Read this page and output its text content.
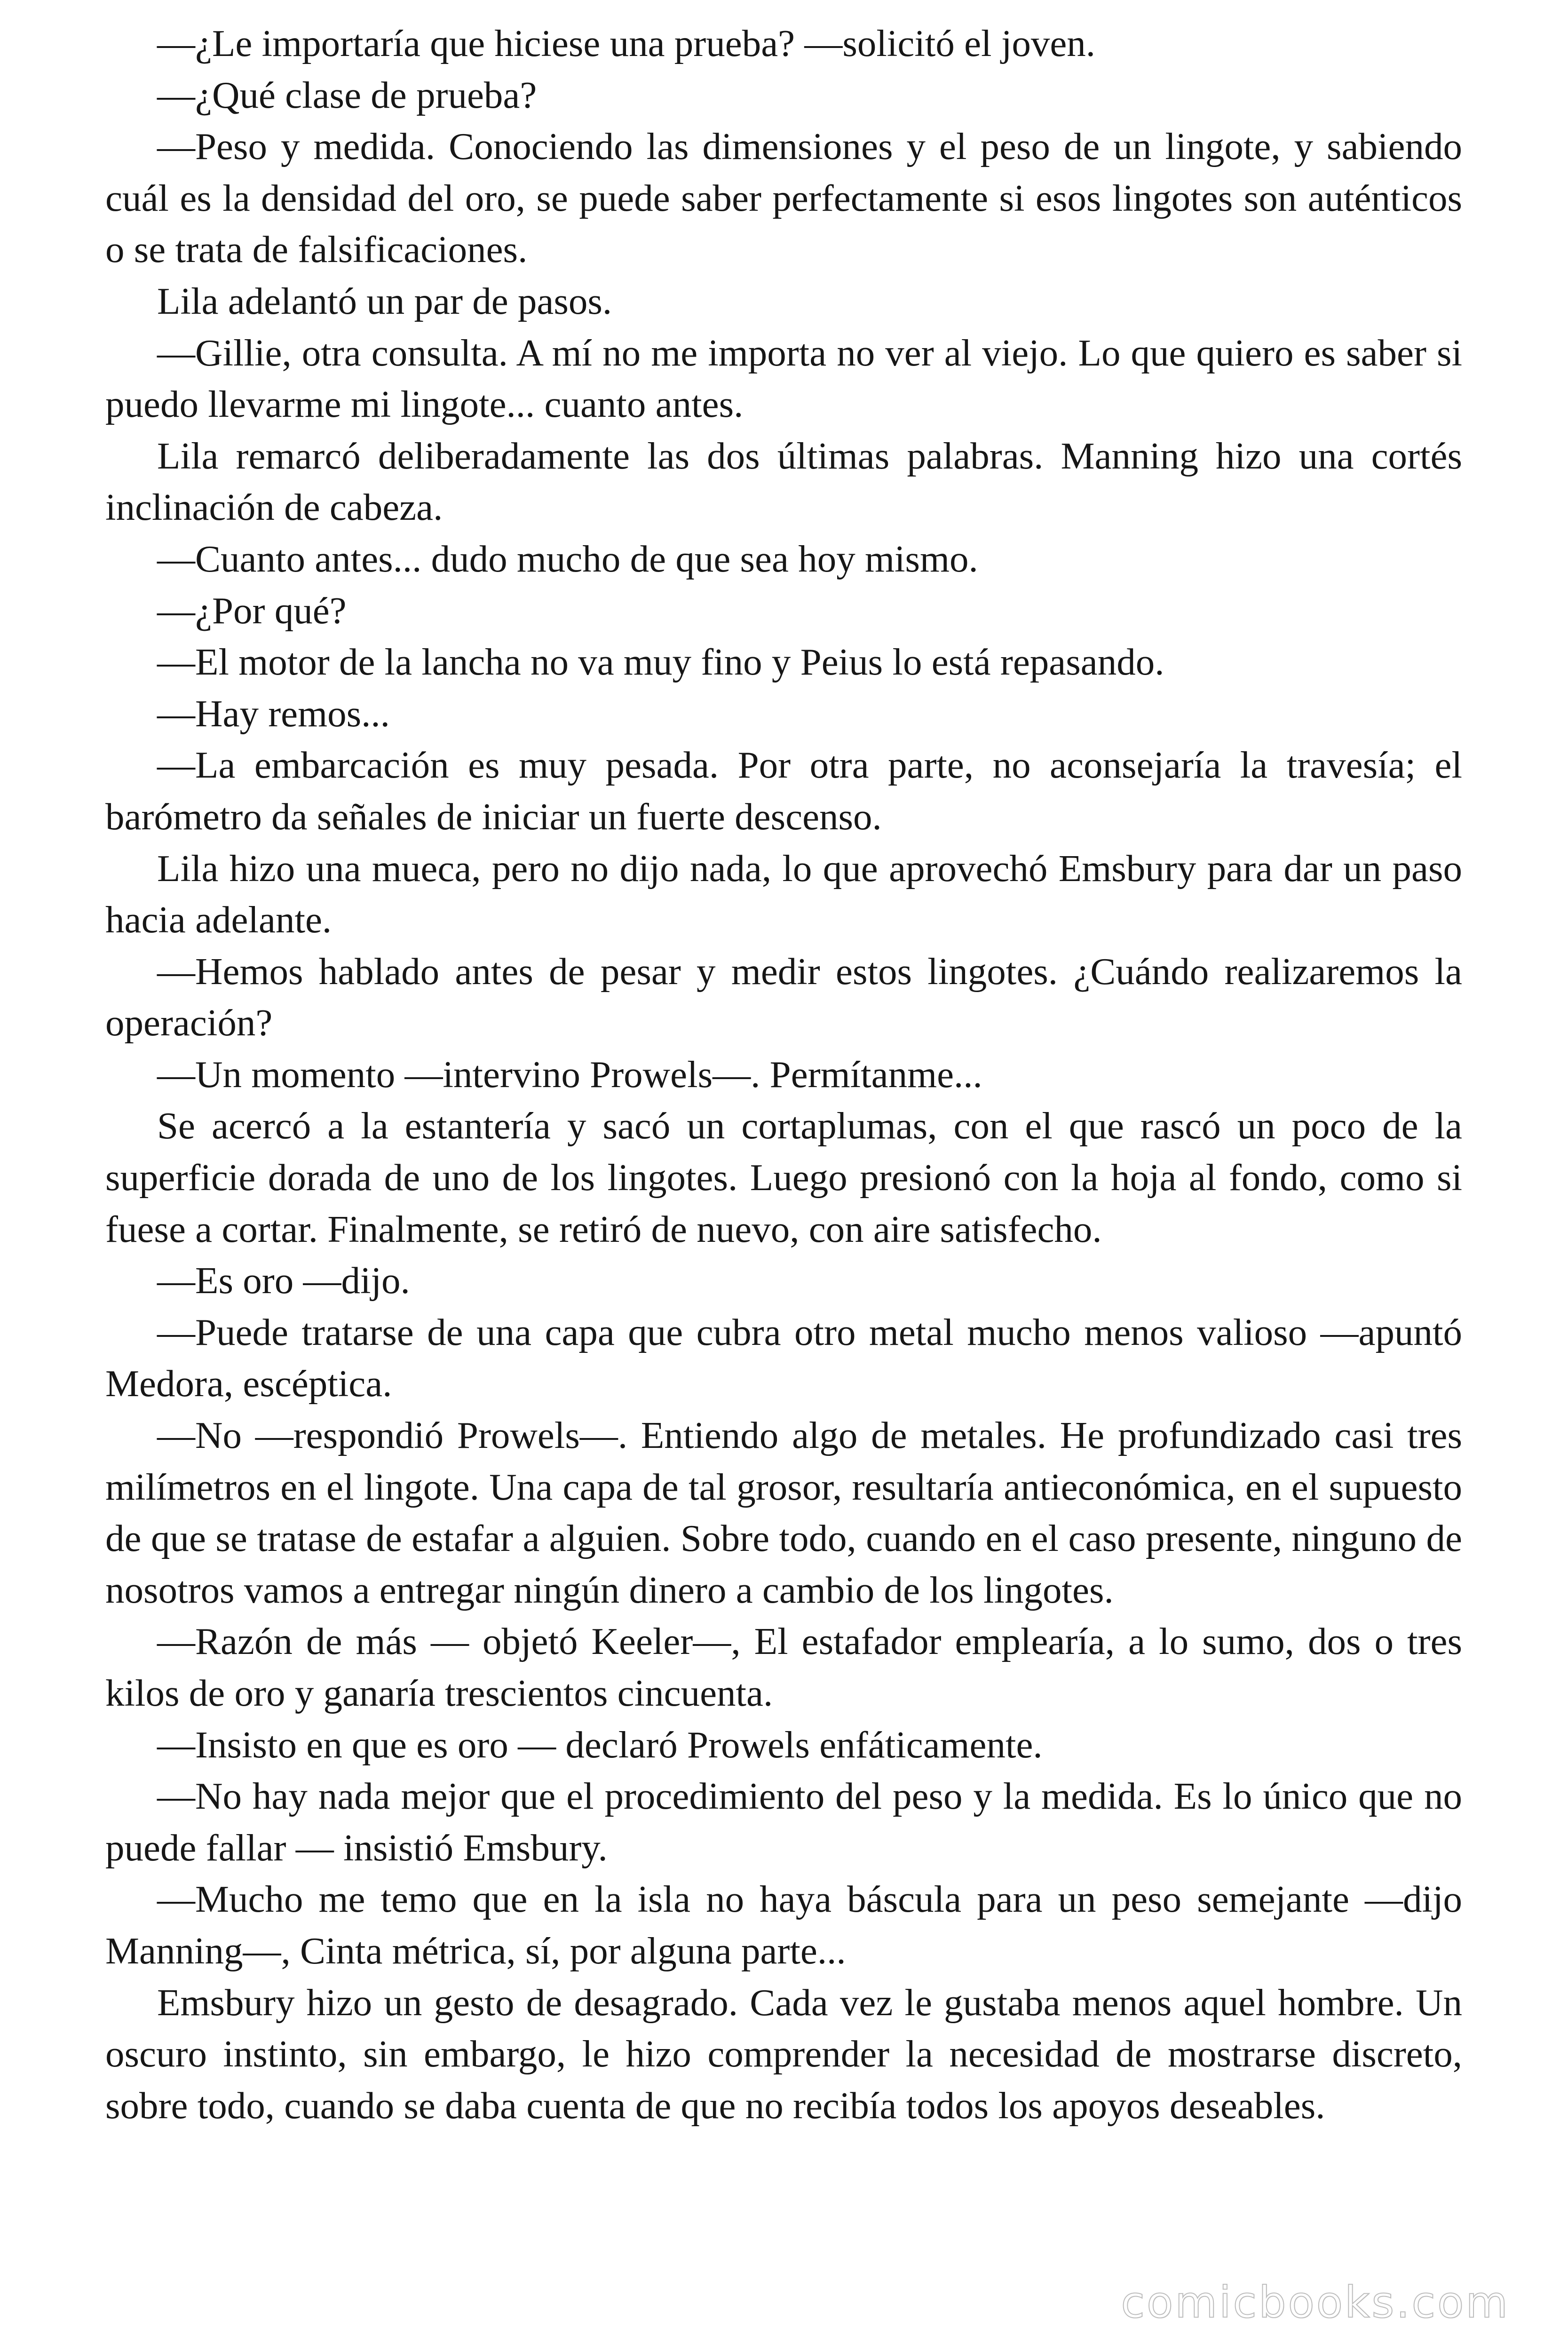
—¿Le importaría que hiciese una prueba? —solicitó el joven.

—¿Qué clase de prueba?

—Peso y medida. Conociendo las dimensiones y el peso de un lingote, y sabiendo cuál es la densidad del oro, se puede saber perfectamente si esos lingotes son auténticos o se trata de falsificaciones.

Lila adelantó un par de pasos.

—Gillie, otra consulta. A mí no me importa no ver al viejo. Lo que quiero es saber si puedo llevarme mi lingote... cuanto antes.

Lila remarcó deliberadamente las dos últimas palabras. Manning hizo una cortés inclinación de cabeza.

—Cuanto antes... dudo mucho de que sea hoy mismo.

—¿Por qué?

—El motor de la lancha no va muy fino y Peius lo está repasando.

—Hay remos...

—La embarcación es muy pesada. Por otra parte, no aconsejaría la travesía; el barómetro da señales de iniciar un fuerte descenso.

Lila hizo una mueca, pero no dijo nada, lo que aprovechó Emsbury para dar un paso hacia adelante.

—Hemos hablado antes de pesar y medir estos lingotes. ¿Cuándo realizaremos la operación?

—Un momento —intervino Prowels—. Permítanme...

Se acercó a la estantería y sacó un cortaplumas, con el que rascó un poco de la superficie dorada de uno de los lingotes. Luego presionó con la hoja al fondo, como si fuese a cortar. Finalmente, se retiró de nuevo, con aire satisfecho.

—Es oro —dijo.

—Puede tratarse de una capa que cubra otro metal mucho menos valioso —apuntó Medora, escéptica.

—No —respondió Prowels—. Entiendo algo de metales. He profundizado casi tres milímetros en el lingote. Una capa de tal grosor, resultaría antieconómica, en el supuesto de que se tratase de estafar a alguien. Sobre todo, cuando en el caso presente, ninguno de nosotros vamos a entregar ningún dinero a cambio de los lingotes.

—Razón de más — objetó Keeler—, El estafador emplearía, a lo sumo, dos o tres kilos de oro y ganaría trescientos cincuenta.

—Insisto en que es oro — declaró Prowels enfáticamente.

—No hay nada mejor que el procedimiento del peso y la medida. Es lo único que no puede fallar — insistió Emsbury.

—Mucho me temo que en la isla no haya báscula para un peso semejante —dijo Manning—, Cinta métrica, sí, por alguna parte...

Emsbury hizo un gesto de desagrado. Cada vez le gustaba menos aquel hombre. Un oscuro instinto, sin embargo, le hizo comprender la necesidad de mostrarse discreto, sobre todo, cuando se daba cuenta de que no recibía todos los apoyos deseables.

comicbooks.com
